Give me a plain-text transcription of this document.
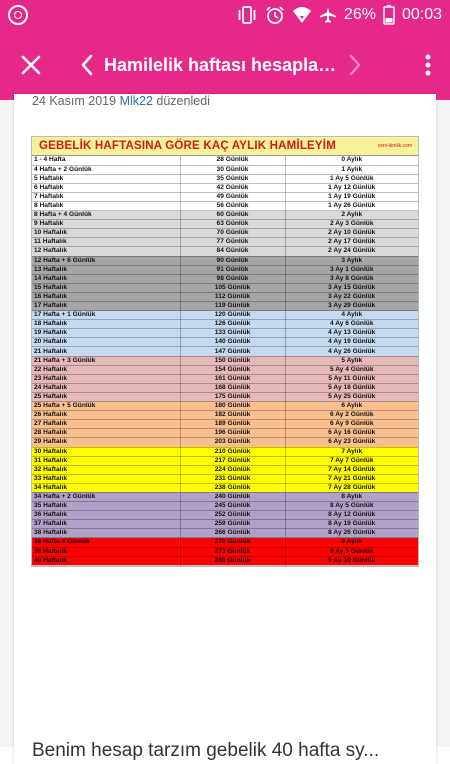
26% 00:03
Hamilelik haftası hesapla…
24 Kasım 2019 Mlk22 düzenledi
GEBELİK HAFTASINA GÖRE KAÇ AYLIK HAMİLEYİM	yeni-kimlik.com
1 - 4 Hafta	28 Günlük	0 Aylık
4 Hafta + 2 Günlük	30 Günlük	1 Aylık
5 Haftalık	35 Günlük	1 Ay 5 Günlük
6 Haftalık	42 Günlük	1 Ay 12 Günlük
7 Haftalık	49 Günlük	1 Ay 19 Günlük
8 Haftalık	56 Günlük	1 Ay 26 Günlük
8 Hafta + 4 Günlük	60 Günlük	2 Aylık
9 Haftalık	63 Günlük	2 Ay 3 Günlük
10 Haftalık	70 Günlük	2 Ay 10 Günlük
11 Haftalık	77 Günlük	2 Ay 17 Günlük
12 Haftalık	84 Günlük	2 Ay 24 Günlük
12 Hafta + 6 Günlük	90 Günlük	3 Aylık
13 Haftalık	91 Günlük	3 Ay 1 Günlük
14 Haftalık	98 Günlük	3 Ay 8 Günlük
15 Haftalık	105 Günlük	3 Ay 15 Günlük
16 Haftalık	112 Günlük	3 Ay 22 Günlük
17 Haftalık	119 Günlük	3 Ay 29 Günlük
17 Hafta + 1 Günlük	120 Günlük	4 Aylık
18 Haftalık	126 Günlük	4 Ay 6 Günlük
19 Haftalık	133 Günlük	4 Ay 13 Günlük
20 Haftalık	140 Günlük	4 Ay 19 Günlük
21 Haftalık	147 Günlük	4 Ay 26 Günlük
21 Hafta + 3 Günlük	150 Günlük	5 Aylık
22 Haftalık	154 Günlük	5 Ay 4 Günlük
23 Haftalık	161 Günlük	5 Ay 11 Günlük
24 Haftalık	168 Günlük	5 Ay 18 Günlük
25 Haftalık	175 Günlük	5 Ay 25 Günlük
25 Hafta + 5 Günlük	180 Günlük	6 Aylık
26 Haftalık	182 Günlük	6 Ay 2 Günlük
27 Haftalık	189 Günlük	6 Ay 9 Günlük
28 Haftalık	196 Günlük	6 Ay 16 Günlük
29 Haftalık	203 Günlük	6 Ay 23 Günlük
30 Haftalık	210 Günlük	7 Aylık
31 Haftalık	217 Günlük	7 Ay 7 Günlük
32 Haftalık	224 Günlük	7 Ay 14 Günlük
33 Haftalık	231 Günlük	7 Ay 21 Günlük
34 Haftalık	238 Günlük	7 Ay 28 Günlük
34 Hafta + 2 Günlük	240 Günlük	8 Aylık
35 Haftalık	245 Günlük	8 Ay 5 Günlük
36 Haftalık	252 Günlük	8 Ay 12 Günlük
37 Haftalık	259 Günlük	8 Ay 19 Günlük
38 Haftalık	266 Günlük	8 Ay 26 Günlük
38 Hafta 4 Günlük	270 Günlük	9 Aylık
39 Haftalık	273 Günlük	9 Ay 3 Günlük
40 Haftalık	280 Günlük	9 Ay 10 Günlük
Benim hesap tarzım gebelik 40 hafta sy...
